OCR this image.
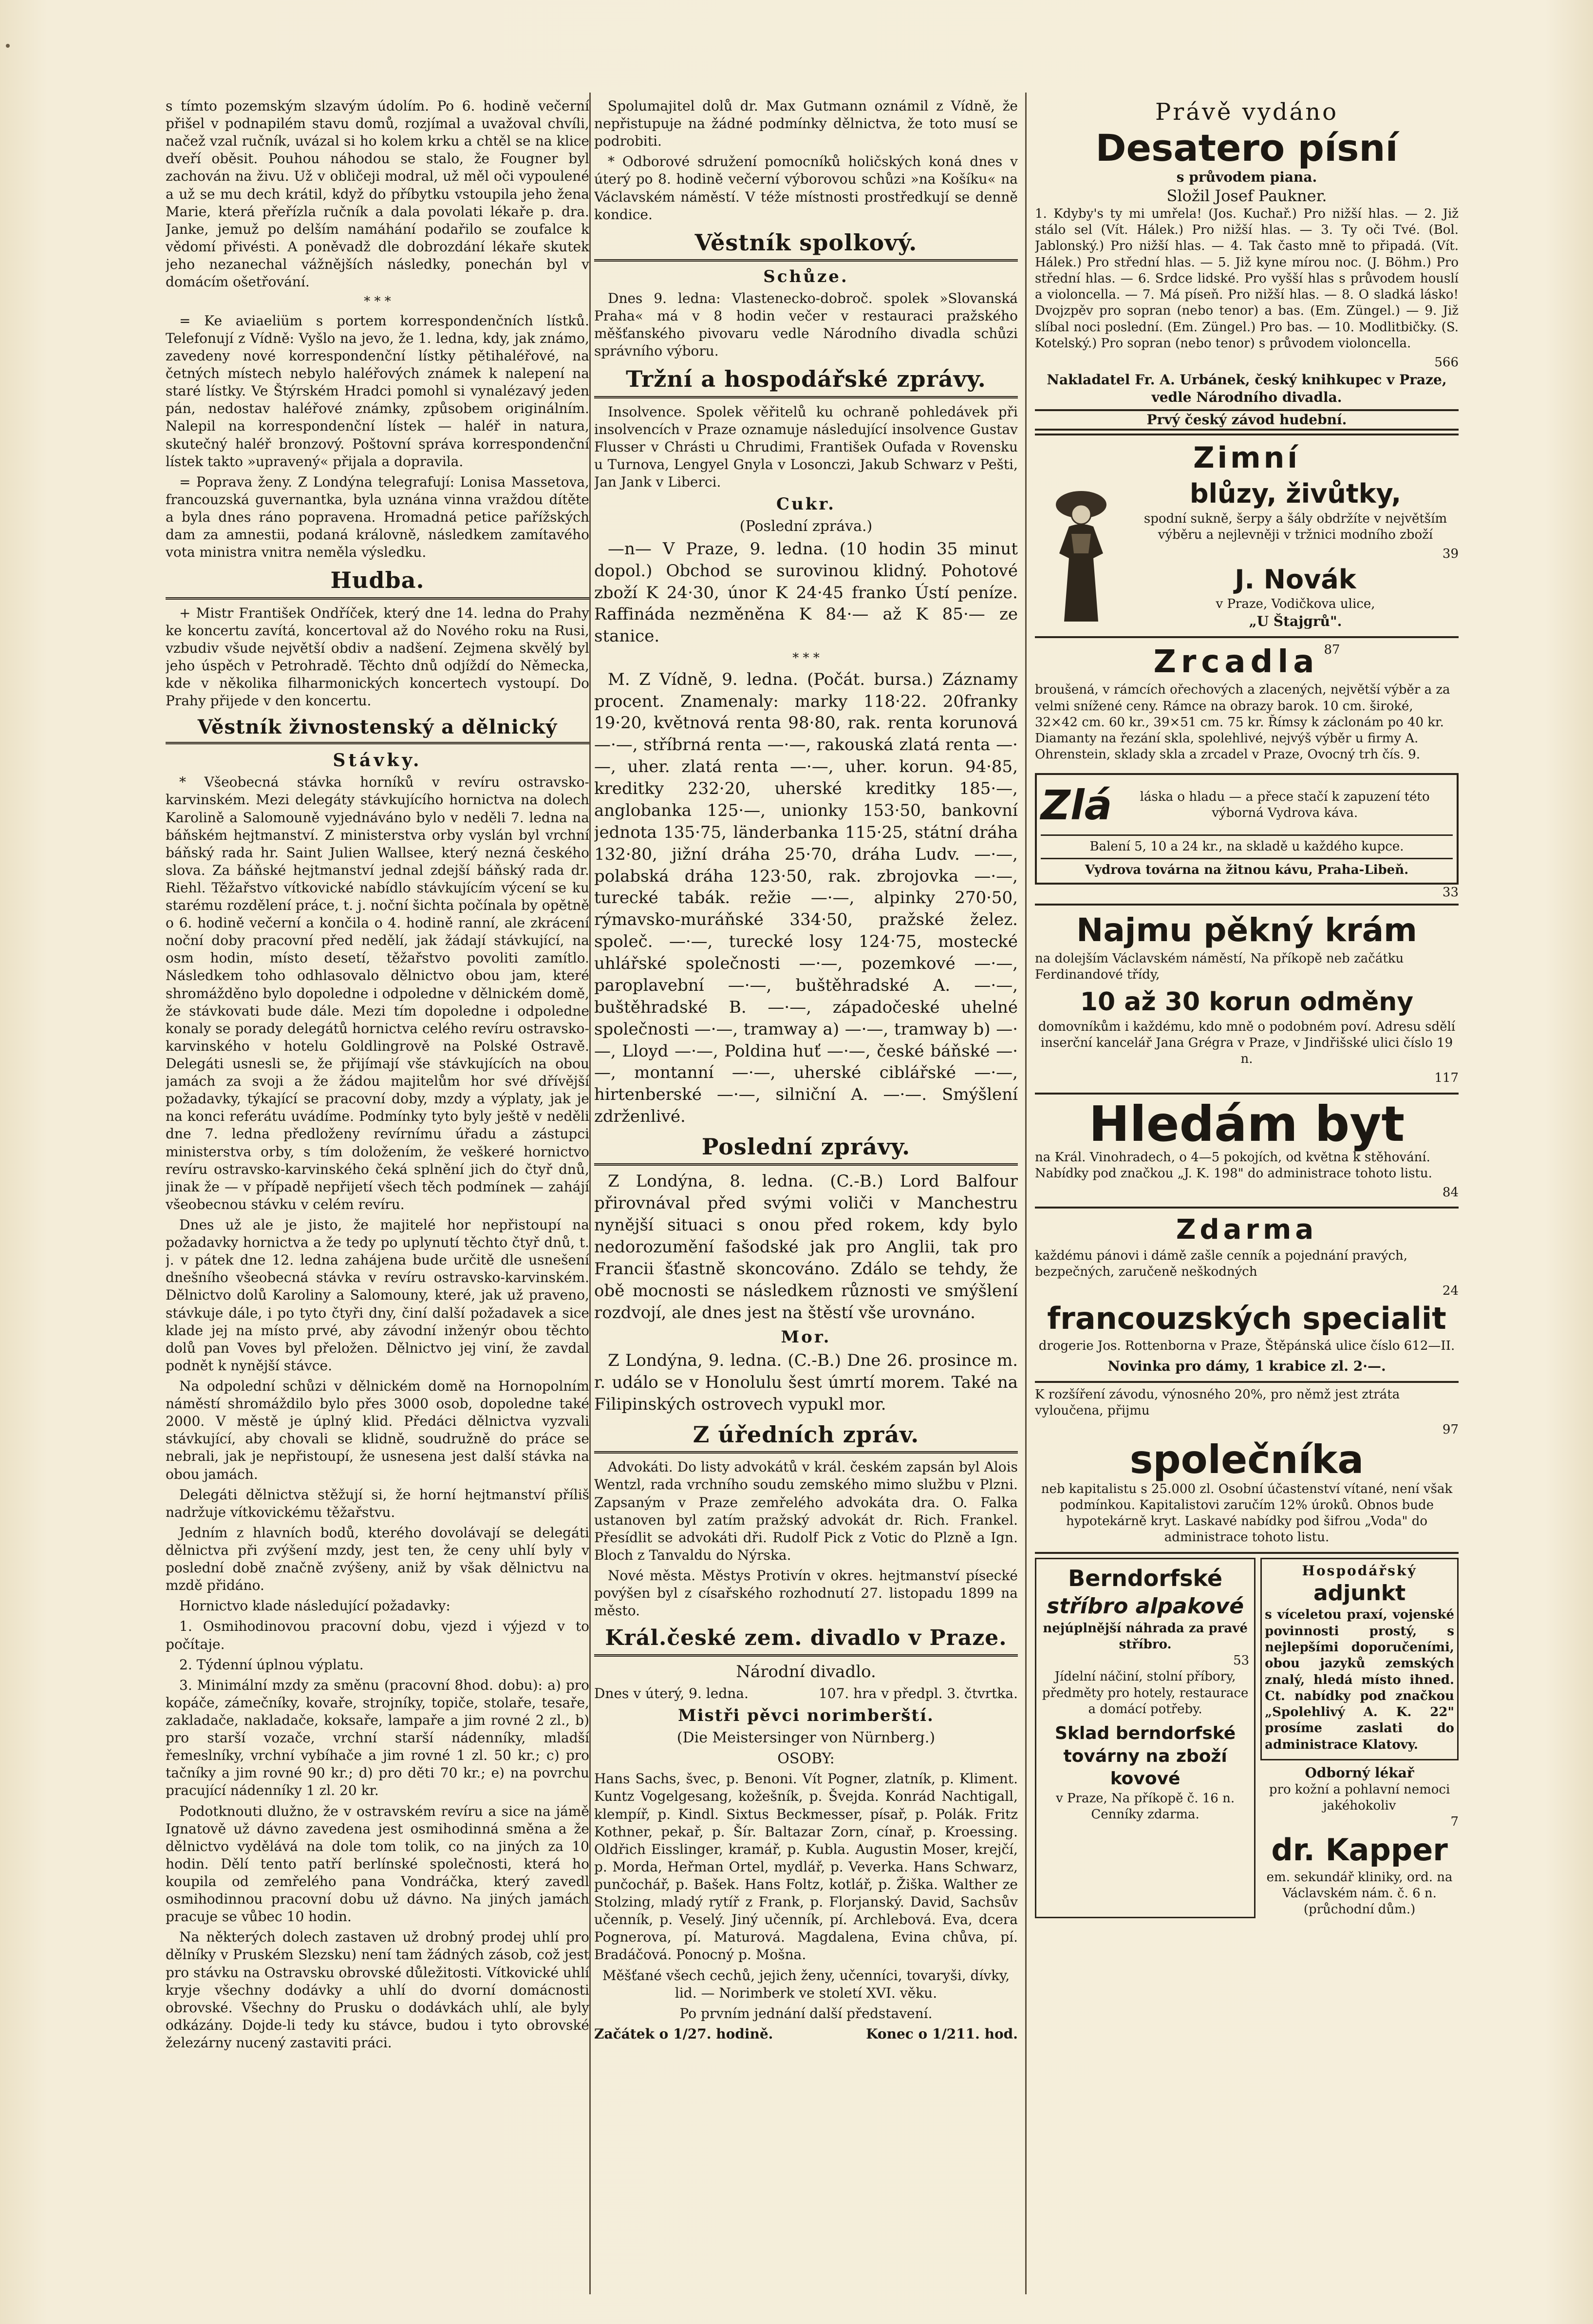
s tímto pozemským slzavým údolím. Po 6. hodině večerní přišel v podnapilém stavu domů, rozjímal a uvažoval chvíli, načež vzal ručník, uvázal si ho kolem krku a chtěl se na klice dveří oběsit. Pouhou náhodou se stalo, že Fougner byl zachován na živu. Už v obličeji modral, už měl oči vypoulené a už se mu dech krátil, když do příbytku vstoupila jeho žena Marie, která přeřízla ručník a dala povolati lékaře p. dra. Janke, jemuž po delším namáhání podařilo se zoufalce k vědomí přivésti. A poněvadž dle dobrozdání lékaře skutek jeho nezanechal vážnějších následky, ponechán byl v domácím ošetřování.

* * *

= Ke aviaeliüm s portem korrespondenčních lístků. Telefonují z Vídně: Vyšlo na jevo, že 1. ledna, kdy, jak známo, zavedeny nové korrespondenční lístky pětihaléřové, na četných místech nebylo haléřových známek k nalepení na staré lístky. Ve Štýrském Hradci pomohl si vynalézavý jeden pán, nedostav haléřové známky, způsobem originálním. Nalepil na korrespondenční lístek — haléř in natura, skutečný haléř bronzový. Poštovní správa korrespondenční lístek takto »upravený« přijala a dopravila.

= Poprava ženy. Z Londýna telegrafují: Lonisa Massetova, francouzská guvernantka, byla uznána vinna vraždou dítěte a byla dnes ráno popravena. Hromadná petice pařížských dam za amnestii, podaná královně, následkem zamítavého vota ministra vnitra neměla výsledku.

Hudba.

+ Mistr František Ondříček, který dne 14. ledna do Prahy ke koncertu zavítá, koncertoval až do Nového roku na Rusi, vzbudiv všude největší obdiv a nadšení. Zejmena skvělý byl jeho úspěch v Petrohradě. Těchto dnů odjíždí do Německa, kde v několika filharmonických koncertech vystoupí. Do Prahy přijede v den koncertu.

Věstník živnostenský a dělnický
Stávky.

* Všeobecná stávka horníků v revíru ostravsko-karvinském. Mezi delegáty stávkujícího hornictva na dolech Karolině a Salomouně vyjednáváno bylo v neděli 7. ledna na báňském hejtmanství. Z ministerstva orby vyslán byl vrchní báňský rada hr. Saint Julien Wallsee, který nezná českého slova. Za báňské hejtmanství jednal zdejší báňský rada dr. Riehl. Těžařstvo vítkovické nabídlo stávkujícím výcení se ku starému rozdělení práce, t. j. noční šichta počínala by opětně o 6. hodině večerní a končila o 4. hodině ranní, ale zkrácení noční doby pracovní před nedělí, jak žádají stávkující, na osm hodin, místo desetí, těžařstvo povoliti zamítlo. Následkem toho odhlasovalo dělnictvo obou jam, které shromážděno bylo dopoledne i odpoledne v dělnickém domě, že stávkovati bude dále. Mezi tím dopoledne i odpoledne konaly se porady delegátů hornictva celého revíru ostravsko-karvinského v hotelu Goldlingrově na Polské Ostravě. Delegáti usnesli se, že přijímají vše stávkujících na obou jamách za svoji a že žádou majitelům hor své dřívější požadavky, týkající se pracovní doby, mzdy a výplaty, jak je na konci referátu uvádíme. Podmínky tyto byly ještě v neděli dne 7. ledna předloženy revírnímu úřadu a zástupci ministerstva orby, s tím doložením, že veškeré hornictvo revíru ostravsko-karvinského čeká splnění jich do čtyř dnů, jinak že — v případě nepřijetí všech těch podmínek — zahájí všeobecnou stávku v celém revíru.

Dnes už ale je jisto, že majitelé hor nepřistoupí na požadavky hornictva a že tedy po uplynutí těchto čtyř dnů, t. j. v pátek dne 12. ledna zahájena bude určitě dle usnešení dnešního všeobecná stávka v revíru ostravsko-karvinském. Dělnictvo dolů Karoliny a Salomouny, které, jak už praveno, stávkuje dále, i po tyto čtyři dny, činí další požadavek a sice klade jej na místo prvé, aby závodní inženýr obou těchto dolů pan Voves byl přeložen. Dělnictvo jej viní, že zavdal podnět k nynější stávce.

Na odpolední schůzi v dělnickém domě na Hornopolním náměstí shromáždilo bylo přes 3000 osob, dopoledne také 2000. V městě je úplný klid. Předáci dělnictva vyzvali stávkující, aby chovali se klidně, soudružně do práce se nebrali, jak je nepřistoupí, že usnesena jest další stávka na obou jamách.

Delegáti dělnictva stěžují si, že horní hejtmanství příliš nadržuje vítkovickému těžařstvu.

Jedním z hlavních bodů, kterého dovolávají se delegáti dělnictva při zvýšení mzdy, jest ten, že ceny uhlí byly v poslední době značně zvýšeny, aniž by však dělnictvu na mzdě přidáno.

Hornictvo klade následující požadavky:

1. Osmihodinovou pracovní dobu, vjezd i výjezd v to počítaje.

2. Týdenní úplnou výplatu.

3. Minimální mzdy za směnu (pracovní 8hod. dobu): a) pro kopáče, zámečníky, kovaře, strojníky, topiče, stolaře, tesaře, zakladače, nakladače, koksaře, lampaře a jim rovné 2 zl., b) pro starší vozače, vrchní starší nádenníky, mladší řemeslníky, vrchní vybíhače a jim rovné 1 zl. 50 kr.; c) pro tačníky a jim rovné 90 kr.; d) pro děti 70 kr.; e) na povrchu pracující nádenníky 1 zl. 20 kr.

Podotknouti dlužno, že v ostravském revíru a sice na jámě Ignatově už dávno zavedena jest osmihodinná směna a že dělnictvo vydělává na dole tom tolik, co na jiných za 10 hodin. Dělí tento patří berlínské společnosti, která ho koupila od zemřelého pana Vondráčka, který zavedl osmihodinnou pracovní dobu už dávno. Na jiných jamách pracuje se vůbec 10 hodin.

Na některých dolech zastaven už drobný prodej uhlí pro dělníky v Pruském Slezsku) není tam žádných zásob, což jest pro stávku na Ostravsku obrovské důležitosti. Vítkovické uhlí kryje všechny dodávky a uhlí do dvorní domácnosti obrovské. Všechny do Prusku o dodávkách uhlí, ale byly odkázány. Dojde-li tedy ku stávce, budou i tyto obrovské železárny nucený zastaviti práci.

Spolumajitel dolů dr. Max Gutmann oznámil z Vídně, že nepřistupuje na žádné podmínky dělnictva, že toto musí se podrobiti.

* Odborové sdružení pomocníků holičských koná dnes v úterý po 8. hodině večerní výborovou schůzi »na Košíku« na Václavském náměstí. V téže místnosti prostředkují se denně kondice.

Věstník spolkový.
Schůze.

Dnes 9. ledna: Vlastenecko-dobroč. spolek »Slovanská Praha« má v 8 hodin večer v restauraci pražského měšťanského pivovaru vedle Národního divadla schůzi správního výboru.

Tržní a hospodářské zprávy.

Insolvence. Spolek věřitelů ku ochraně pohledávek při insolvencích v Praze oznamuje následující insolvence Gustav Flusser v Chrásti u Chrudimi, František Oufada v Rovensku u Turnova, Lengyel Gnyla v Losonczi, Jakub Schwarz v Pešti, Jan Jank v Liberci.

Cukr.
(Poslední zpráva.)

—n— V Praze, 9. ledna. (10 hodin 35 minut dopol.) Obchod se surovinou klidný. Pohotové zboží K 24·30, únor K 24·45 franko Ústí peníze. Raffináda nezměněna K 84·— až K 85·— ze stanice.

* * *

M. Z Vídně, 9. ledna. (Počát. bursa.) Záznamy procent. Znamenaly: marky 118·22. 20franky 19·20, květnová renta 98·80, rak. renta korunová —·—, stříbrná renta —·—, rakouská zlatá renta —·—, uher. zlatá renta —·—, uher. korun. 94·85, kreditky 232·20, uherské kreditky 185·—, anglobanka 125·—, unionky 153·50, bankovní jednota 135·75, länderbanka 115·25, státní dráha 132·80, jižní dráha 25·70, dráha Ludv. —·—, polabská dráha 123·50, rak. zbrojovka —·—, turecké tabák. režie —·—, alpinky 270·50, rýmavsko-muráňské 334·50, pražské želez. společ. —·—, turecké losy 124·75, mostecké uhlářské společnosti —·—, pozemkové —·—, paroplavební —·—, buštěhradské A. —·—, buštěhradské B. —·—, západočeské uhelné společnosti —·—, tramway a) —·—, tramway b) —·—, Lloyd —·—, Poldina huť —·—, české báňské —·—, montanní —·—, uherské ciblářské —·—, hirtenberské —·—, silniční A. —·—. Smýšlení zdrženlivé.

Poslední zprávy.

Z Londýna, 8. ledna. (C.-B.) Lord Balfour přirovnával před svými voliči v Manchestru nynější situaci s onou před rokem, kdy bylo nedorozumění fašodské jak pro Anglii, tak pro Francii šťastně skoncováno. Zdálo se tehdy, že obě mocnosti se následkem různosti ve smýšlení rozdvojí, ale dnes jest na štěstí vše urovnáno.

Mor.

Z Londýna, 9. ledna. (C.-B.) Dne 26. prosince m. r. událo se v Honolulu šest úmrtí morem. Také na Filipinských ostrovech vypukl mor.

Z úředních zpráv.

Advokáti. Do listy advokátů v král. českém zapsán byl Alois Wentzl, rada vrchního soudu zemského mimo službu v Plzni. Zapsaným v Praze zemřelého advokáta dra. O. Falka ustanoven byl zatím pražský advokát dr. Rich. Frankel. Přesídlit se advokáti dři. Rudolf Pick z Votic do Plzně a Ign. Bloch z Tanvaldu do Nýrska.

Nové města. Městys Protivín v okres. hejtmanství písecké povýšen byl z císařského rozhodnutí 27. listopadu 1899 na město.

Král.české zem. divadlo v Praze.
Národní divadlo.
Dnes v úterý, 9. ledna.	107. hra v předpl. 3. čtvrtka.
Mistři pěvci norimberští.
(Die Meistersinger von Nürnberg.)
OSOBY:

Hans Sachs, švec, p. Benoni. Vít Pogner, zlatník, p. Kliment. Kuntz Vogelgesang, kožešník, p. Švejda. Konrád Nachtigall, klempíř, p. Kindl. Sixtus Beckmesser, písař, p. Polák. Fritz Kothner, pekař, p. Šír. Baltazar Zorn, cínař, p. Kroessing. Oldřich Eisslinger, kramář, p. Kubla. Augustin Moser, krejčí, p. Morda, Heřman Ortel, mydlář, p. Veverka. Hans Schwarz, punčochář, p. Bašek. Hans Foltz, kotlář, p. Žiška. Walther ze Stolzing, mladý rytíř z Frank, p. Florjanský. David, Sachsův učenník, p. Veselý. Jiný učenník, pí. Archlebová. Eva, dcera Pognerova, pí. Maturová. Magdalena, Evina chůva, pí. Bradáčová. Ponocný p. Mošna.

Měšťané všech cechů, jejich ženy, učenníci, tovaryši, dívky, lid. — Norimberk ve století XVI. věku.

Po prvním jednání další představení.

Začátek o 1/27. hodině.	Konec o 1/211. hod.
Právě vydáno
Desatero písní
s průvodem piana.
Složil Josef Paukner.

1. Kdyby's ty mi umřela! (Jos. Kuchař.) Pro nižší hlas. — 2. Již stálo sel (Vít. Hálek.) Pro nižší hlas. — 3. Ty oči Tvé. (Bol. Jablonský.) Pro nižší hlas. — 4. Tak často mně to připadá. (Vít. Hálek.) Pro střední hlas. — 5. Již kyne mírou noc. (J. Böhm.) Pro střední hlas. — 6. Srdce lidské. Pro vyšší hlas s průvodem houslí a violoncella. — 7. Má píseň. Pro nižší hlas. — 8. O sladká lásko! Dvojzpěv pro sopran (nebo tenor) a bas. (Em. Züngel.) — 9. Již slíbal noci poslední. (Em. Züngel.) Pro bas. — 10. Modlitbičky. (S. Kotelský.) Pro sopran (nebo tenor) s průvodem violoncella.

566

Nakladatel Fr. A. Urbánek, český knihkupec v Praze, vedle Národního divadla.

Prvý český závod hudební.
Zimní
blůzy, živůtky,

spodní sukně, šerpy a šály obdržíte v největším výběru a nejlevněji v tržnici modního zboží

39
J. Novák
v Praze, Vodičkova ulice,
„U Štajgrů".
Zrcadla 87

broušená, v rámcích ořechových a zlacených, největší výběr a za velmi snížené ceny. Rámce na obrazy barok. 10 cm. široké, 32×42 cm. 60 kr., 39×51 cm. 75 kr. Římsy k záclonám po 40 kr. Diamanty na řezání skla, spolehlivé, nejvýš výběr u firmy A. Ohrenstein, sklady skla a zrcadel v Praze, Ovocný trh čís. 9.

Zlá	láska o hladu — a přece stačí k zapuzení této výborná Vydrova káva.
Balení 5, 10 a 24 kr., na skladě u každého kupce.
Vydrova továrna na žitnou kávu, Praha-Libeň.
33
Najmu pěkný krám

na dolejším Václavském náměstí, Na příkopě neb začátku Ferdinandové třídy,

10 až 30 korun odměny

domovníkům i každému, kdo mně o podobném poví. Adresu sdělí inserční kancelář Jana Grégra v Praze, v Jindřišské ulici číslo 19 n.

117
Hledám byt

na Král. Vinohradech, o 4—5 pokojích, od května k stěhování. Nabídky pod značkou „J. K. 198" do administrace tohoto listu.

84
Zdarma

každému pánovi i dámě zašle cenník a pojednání pravých, bezpečných, zaručeně neškodných

24
francouzských specialit

drogerie Jos. Rottenborna v Praze, Štěpánská ulice číslo 612—II.

Novinka pro dámy, 1 krabice zl. 2·—.

K rozšíření závodu, výnosného 20%, pro němž jest ztráta vyloučena, přijmu

97
společníka

neb kapitalistu s 25.000 zl. Osobní účastenství vítané, není však podmínkou. Kapitalistovi zaručím 12% úroků. Obnos bude hypotekárně kryt. Laskavé nabídky pod šifrou „Voda" do administrace tohoto listu.

Berndorfské
stříbro alpakové
nejúplnější náhrada za pravé stříbro.
53
Jídelní náčiní, stolní příbory, předměty pro hotely, restaurace a domácí potřeby.
Sklad berndorfské továrny na zboží kovové
v Praze, Na příkopě č. 16 n.
Cenníky zdarma.
Hospodářský
adjunkt

s víceletou praxí, vojenské povinnosti prostý, s nejlepšími doporučeními, obou jazyků zemských znalý, hledá místo ihned. Ct. nabídky pod značkou „Spolehlivý A. K. 22" prosíme zaslati do administrace Klatovy.

Odborný lékař
pro kožní a pohlavní nemoci jakéhokoliv
7
dr. Kapper
em. sekundář kliniky, ord. na Václavském nám. č. 6 n. (průchodní dům.)
